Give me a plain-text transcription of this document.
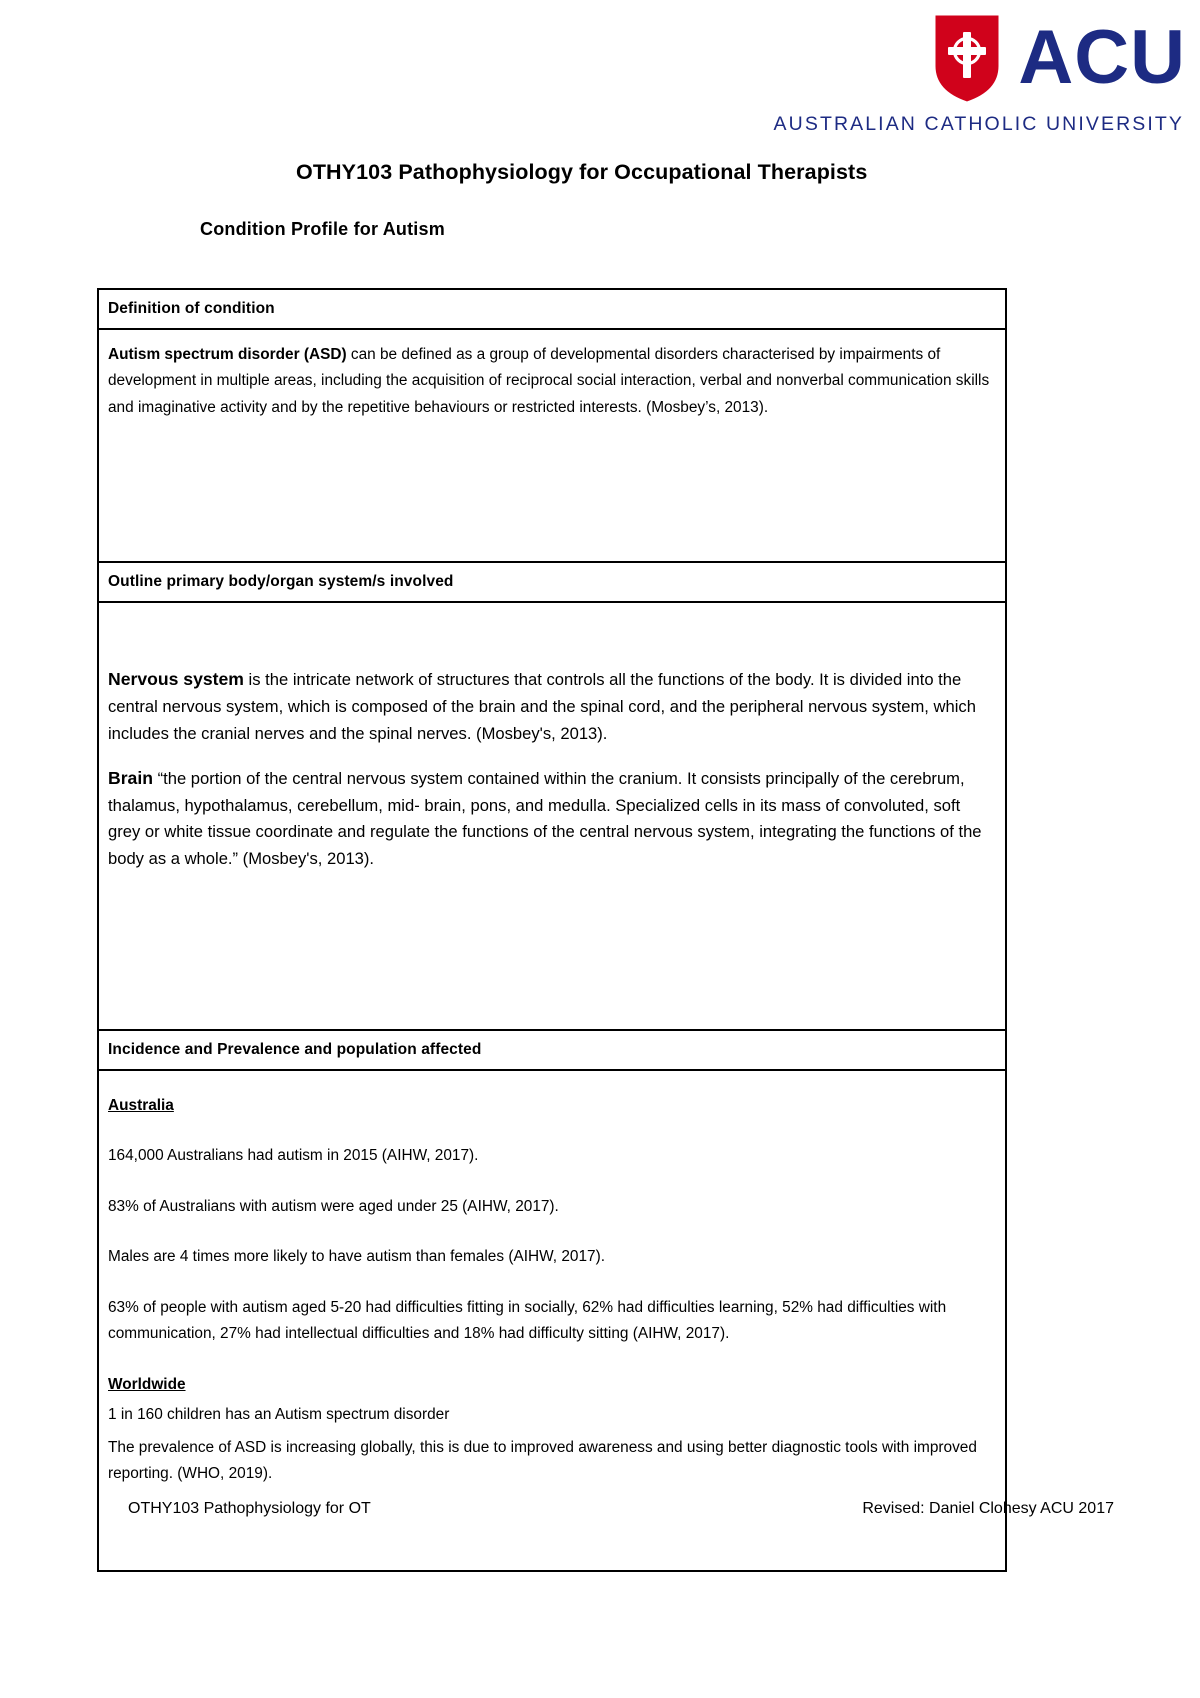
ACU
AUSTRALIAN CATHOLIC UNIVERSITY
OTHY103 Pathophysiology for Occupational Therapists
Condition Profile for Autism
Definition of condition

Autism spectrum disorder (ASD) can be defined as a group of developmental disorders characterised by impairments of development in multiple areas, including the acquisition of reciprocal social interaction, verbal and nonverbal communication skills and imaginative activity and by the repetitive behaviours or restricted interests. (Mosbey’s, 2013).

Outline primary body/organ system/s involved

Nervous system is the intricate network of structures that controls all the functions of the body. It is divided into the central nervous system, which is composed of the brain and the spinal cord, and the peripheral nervous system, which includes the cranial nerves and the spinal nerves. (Mosbey's, 2013).

Brain “the portion of the central nervous system contained within the cranium. It consists principally of the cerebrum, thalamus, hypothalamus, cerebellum, mid- brain, pons, and medulla. Specialized cells in its mass of convoluted, soft grey or white tissue coordinate and regulate the functions of the central nervous system, integrating the functions of the body as a whole.” (Mosbey's, 2013).

Incidence and Prevalence and population affected

Australia

164,000 Australians had autism in 2015 (AIHW, 2017).

83% of Australians with autism were aged under 25 (AIHW, 2017).

Males are 4 times more likely to have autism than females (AIHW, 2017).

63% of people with autism aged 5-20 had difficulties fitting in socially, 62% had difficulties learning, 52% had difficulties with communication, 27% had intellectual difficulties and 18% had difficulty sitting (AIHW, 2017).

Worldwide

1 in 160 children has an Autism spectrum disorder

The prevalence of ASD is increasing globally, this is due to improved awareness and using better diagnostic tools with improved reporting. (WHO, 2019).

OTHY103 Pathophysiology for OT	Revised: Daniel Clohesy ACU 2017
